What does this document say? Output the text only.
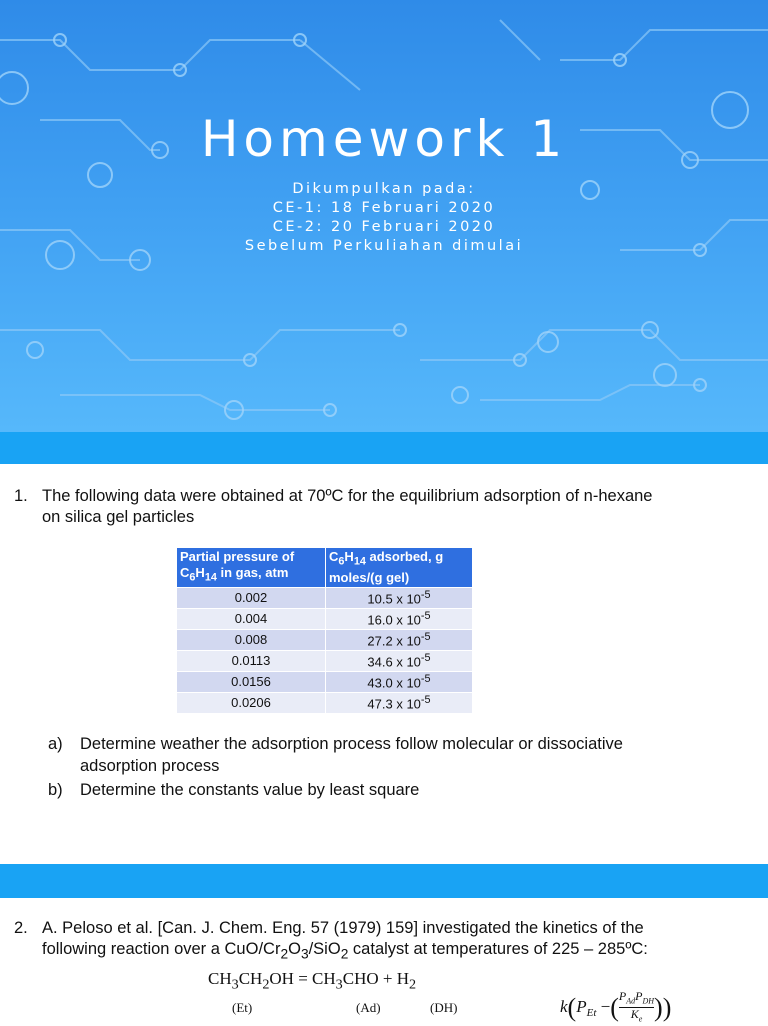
Homework 1
Dikumpulkan pada:
CE-1: 18 Februari 2020
CE-2: 20 Februari 2020
Sebelum Perkuliahan dimulai
1. The following data were obtained at 70ºC for the equilibrium adsorption of n-hexane
on silica gel particles
Partial pressure of
$C_6H_{14}$ in gas, atm	$C_6H_{14}$ adsorbed, g
moles/(g gel)
0.002	10.5 x $10^{-5}$
0.004	16.0 x $10^{-5}$
0.008	27.2 x $10^{-5}$
0.0113	34.6 x $10^{-5}$
0.0156	43.0 x $10^{-5}$
0.0206	47.3 x $10^{-5}$
a) Determine weather the adsorption process follow molecular or dissociative
adsorption process
b) Determine the constants value by least square
2. A. Peloso et al. [Can. J. Chem. Eng. 57 (1979) 159] investigated the kinetics of the
following reaction over a CuO/$Cr_2O_3/SiO_2$ catalyst at temperatures of 225 – 285ºC:
$CH_3CH_2OH = CH_3CHO + H_2$
(Et)	(Ad)	(DH)	$k(P_{Et}$ −( $P_{Ad}P_{DH}$
$K_e$ ))
